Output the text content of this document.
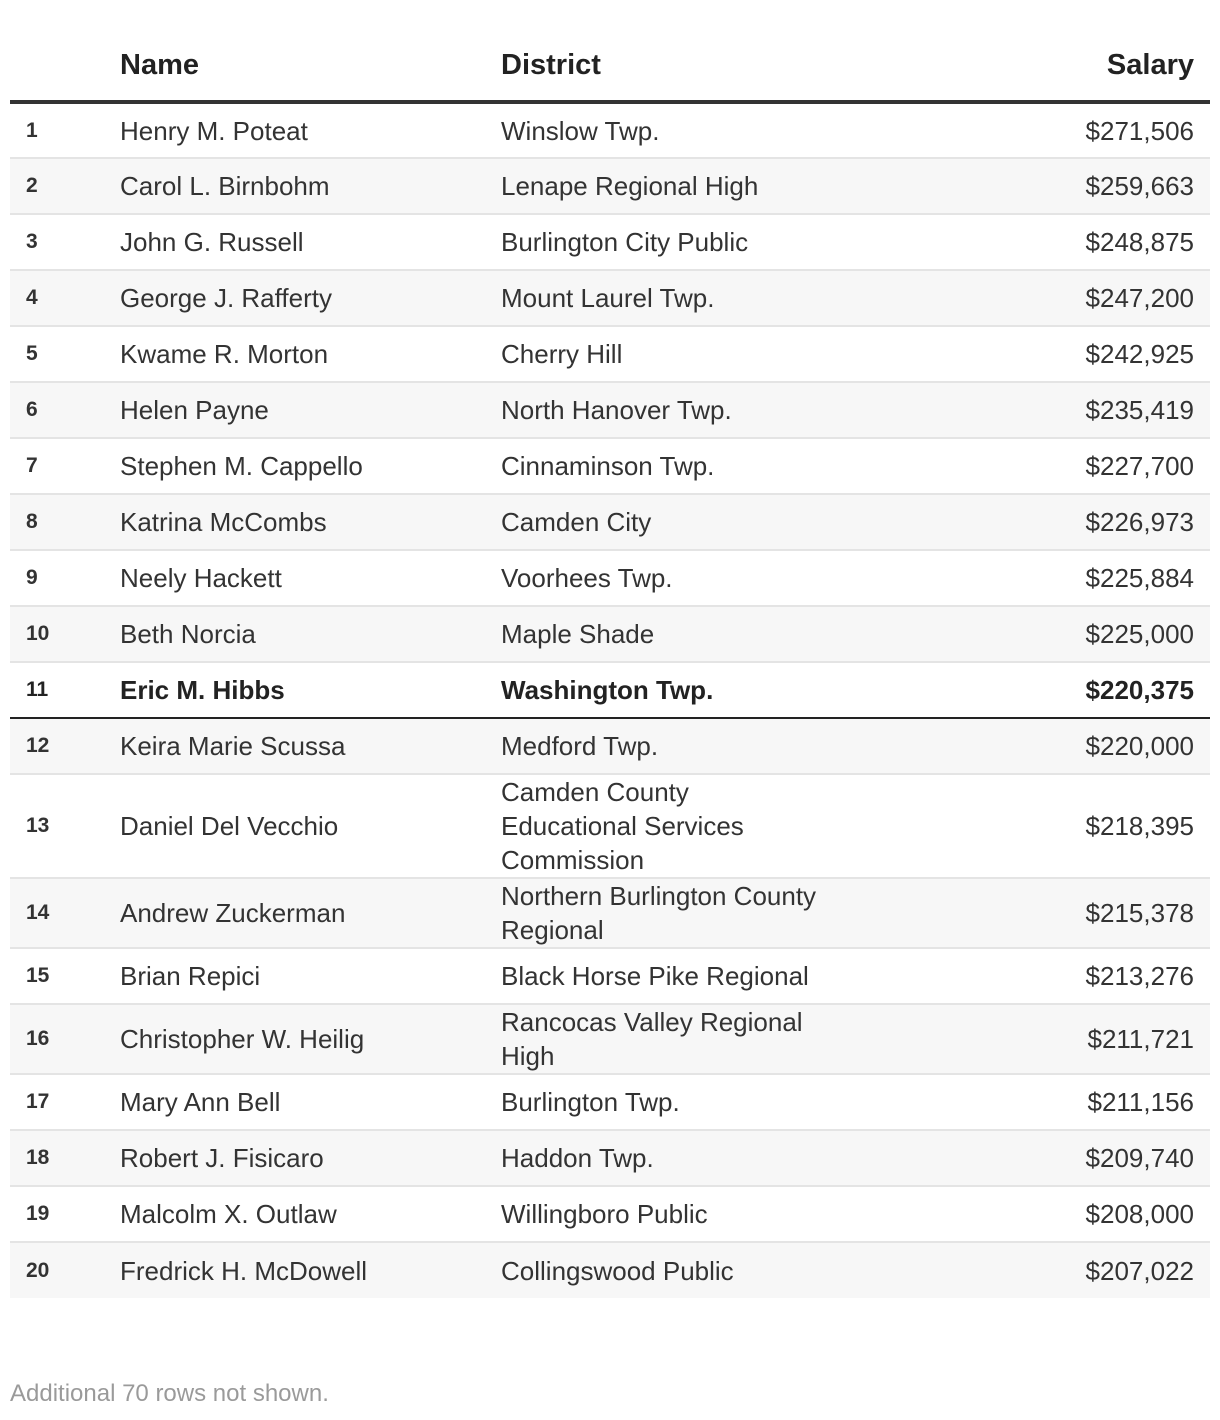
	Name	District	Salary
1	Henry M. Poteat	Winslow Twp.	$271,506
2	Carol L. Birnbohm	Lenape Regional High	$259,663
3	John G. Russell	Burlington City Public	$248,875
4	George J. Rafferty	Mount Laurel Twp.	$247,200
5	Kwame R. Morton	Cherry Hill	$242,925
6	Helen Payne	North Hanover Twp.	$235,419
7	Stephen M. Cappello	Cinnaminson Twp.	$227,700
8	Katrina McCombs	Camden City	$226,973
9	Neely Hackett	Voorhees Twp.	$225,884
10	Beth Norcia	Maple Shade	$225,000
11	Eric M. Hibbs	Washington Twp.	$220,375
12	Keira Marie Scussa	Medford Twp.	$220,000
13	Daniel Del Vecchio	Camden County Educational Services Commission	$218,395
14	Andrew Zuckerman	Northern Burlington County Regional	$215,378
15	Brian Repici	Black Horse Pike Regional	$213,276
16	Christopher W. Heilig	Rancocas Valley Regional High	$211,721
17	Mary Ann Bell	Burlington Twp.	$211,156
18	Robert J. Fisicaro	Haddon Twp.	$209,740
19	Malcolm X. Outlaw	Willingboro Public	$208,000
20	Fredrick H. McDowell	Collingswood Public	$207,022
Additional 70 rows not shown.
